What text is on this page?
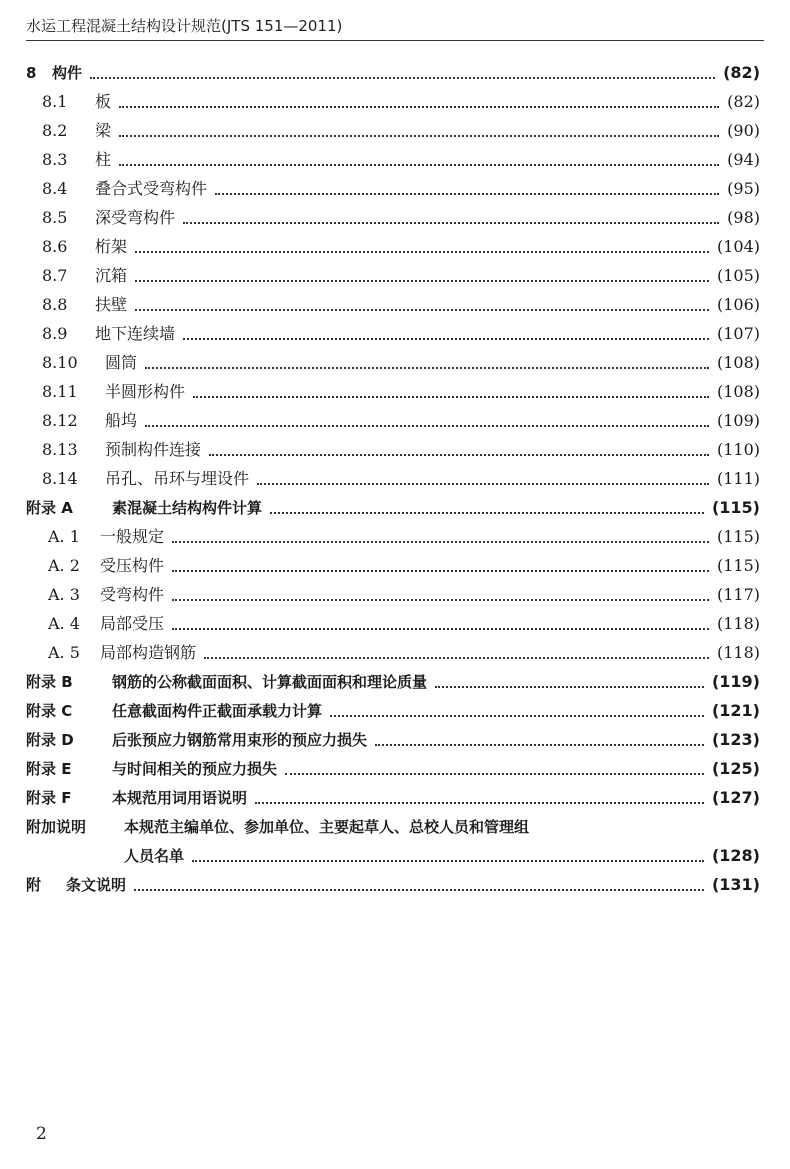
水运工程混凝土结构设计规范(JTS 151—2011)
8	构件	(82)
8.1	板	(82)
8.2	梁	(90)
8.3	柱	(94)
8.4	叠合式受弯构件	(95)
8.5	深受弯构件	(98)
8.6	桁架	(104)
8.7	沉箱	(105)
8.8	扶壁	(106)
8.9	地下连续墙	(107)
8.10	圆筒	(108)
8.11	半圆形构件	(108)
8.12	船坞	(109)
8.13	预制构件连接	(110)
8.14	吊孔、吊环与埋设件	(111)
附录 A	素混凝土结构构件计算	(115)
A. 1	一般规定	(115)
A. 2	受压构件	(115)
A. 3	受弯构件	(117)
A. 4	局部受压	(118)
A. 5	局部构造钢筋	(118)
附录 B	钢筋的公称截面面积、计算截面面积和理论质量	(119)
附录 C	任意截面构件正截面承载力计算	(121)
附录 D	后张预应力钢筋常用束形的预应力损失	(123)
附录 E	与时间相关的预应力损失	(125)
附录 F	本规范用词用语说明	(127)
附加说明	本规范主编单位、参加单位、主要起草人、总校人员和管理组
人员名单	(128)
附	条文说明	(131)
2
